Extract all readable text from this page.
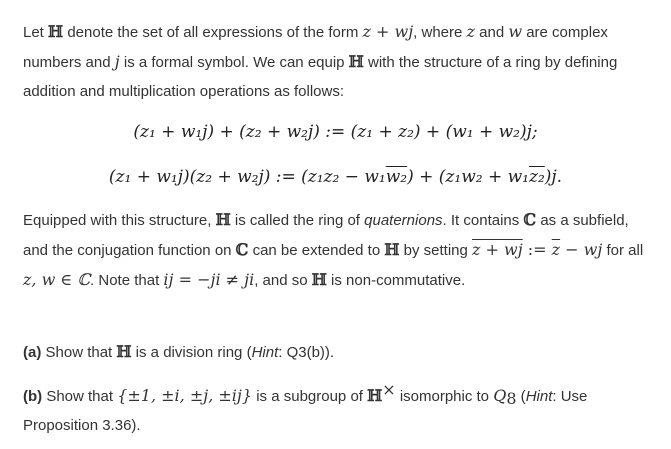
Let ℍ denote the set of all expressions of the form z + wj, where z and w are complex numbers and j is a formal symbol. We can equip ℍ with the structure of a ring by defining addition and multiplication operations as follows:

(z₁ + w₁j) + (z₂ + w₂j) := (z₁ + z₂) + (w₁ + w₂)j;
(z₁ + w₁j)(z₂ + w₂j) := (z₁z₂ − w₁w₂) + (z₁w₂ + w₁z₂)j.

Equipped with this structure, ℍ is called the ring of quaternions. It contains ℂ as a subfield, and the conjugation function on ℂ can be extended to ℍ by setting z + wj := $\overline{z}$ − wj for all z, w ∈ ℂ. Note that ij = −ji ≠ ji, and so ℍ is non-commutative.

(a) Show that ℍ is a division ring (Hint: Q3(b)).

(b) Show that {±1, ±i, ±j, ±ij} is a subgroup of ℍ× isomorphic to $Q_8$ (Hint: Use Proposition 3.36).
